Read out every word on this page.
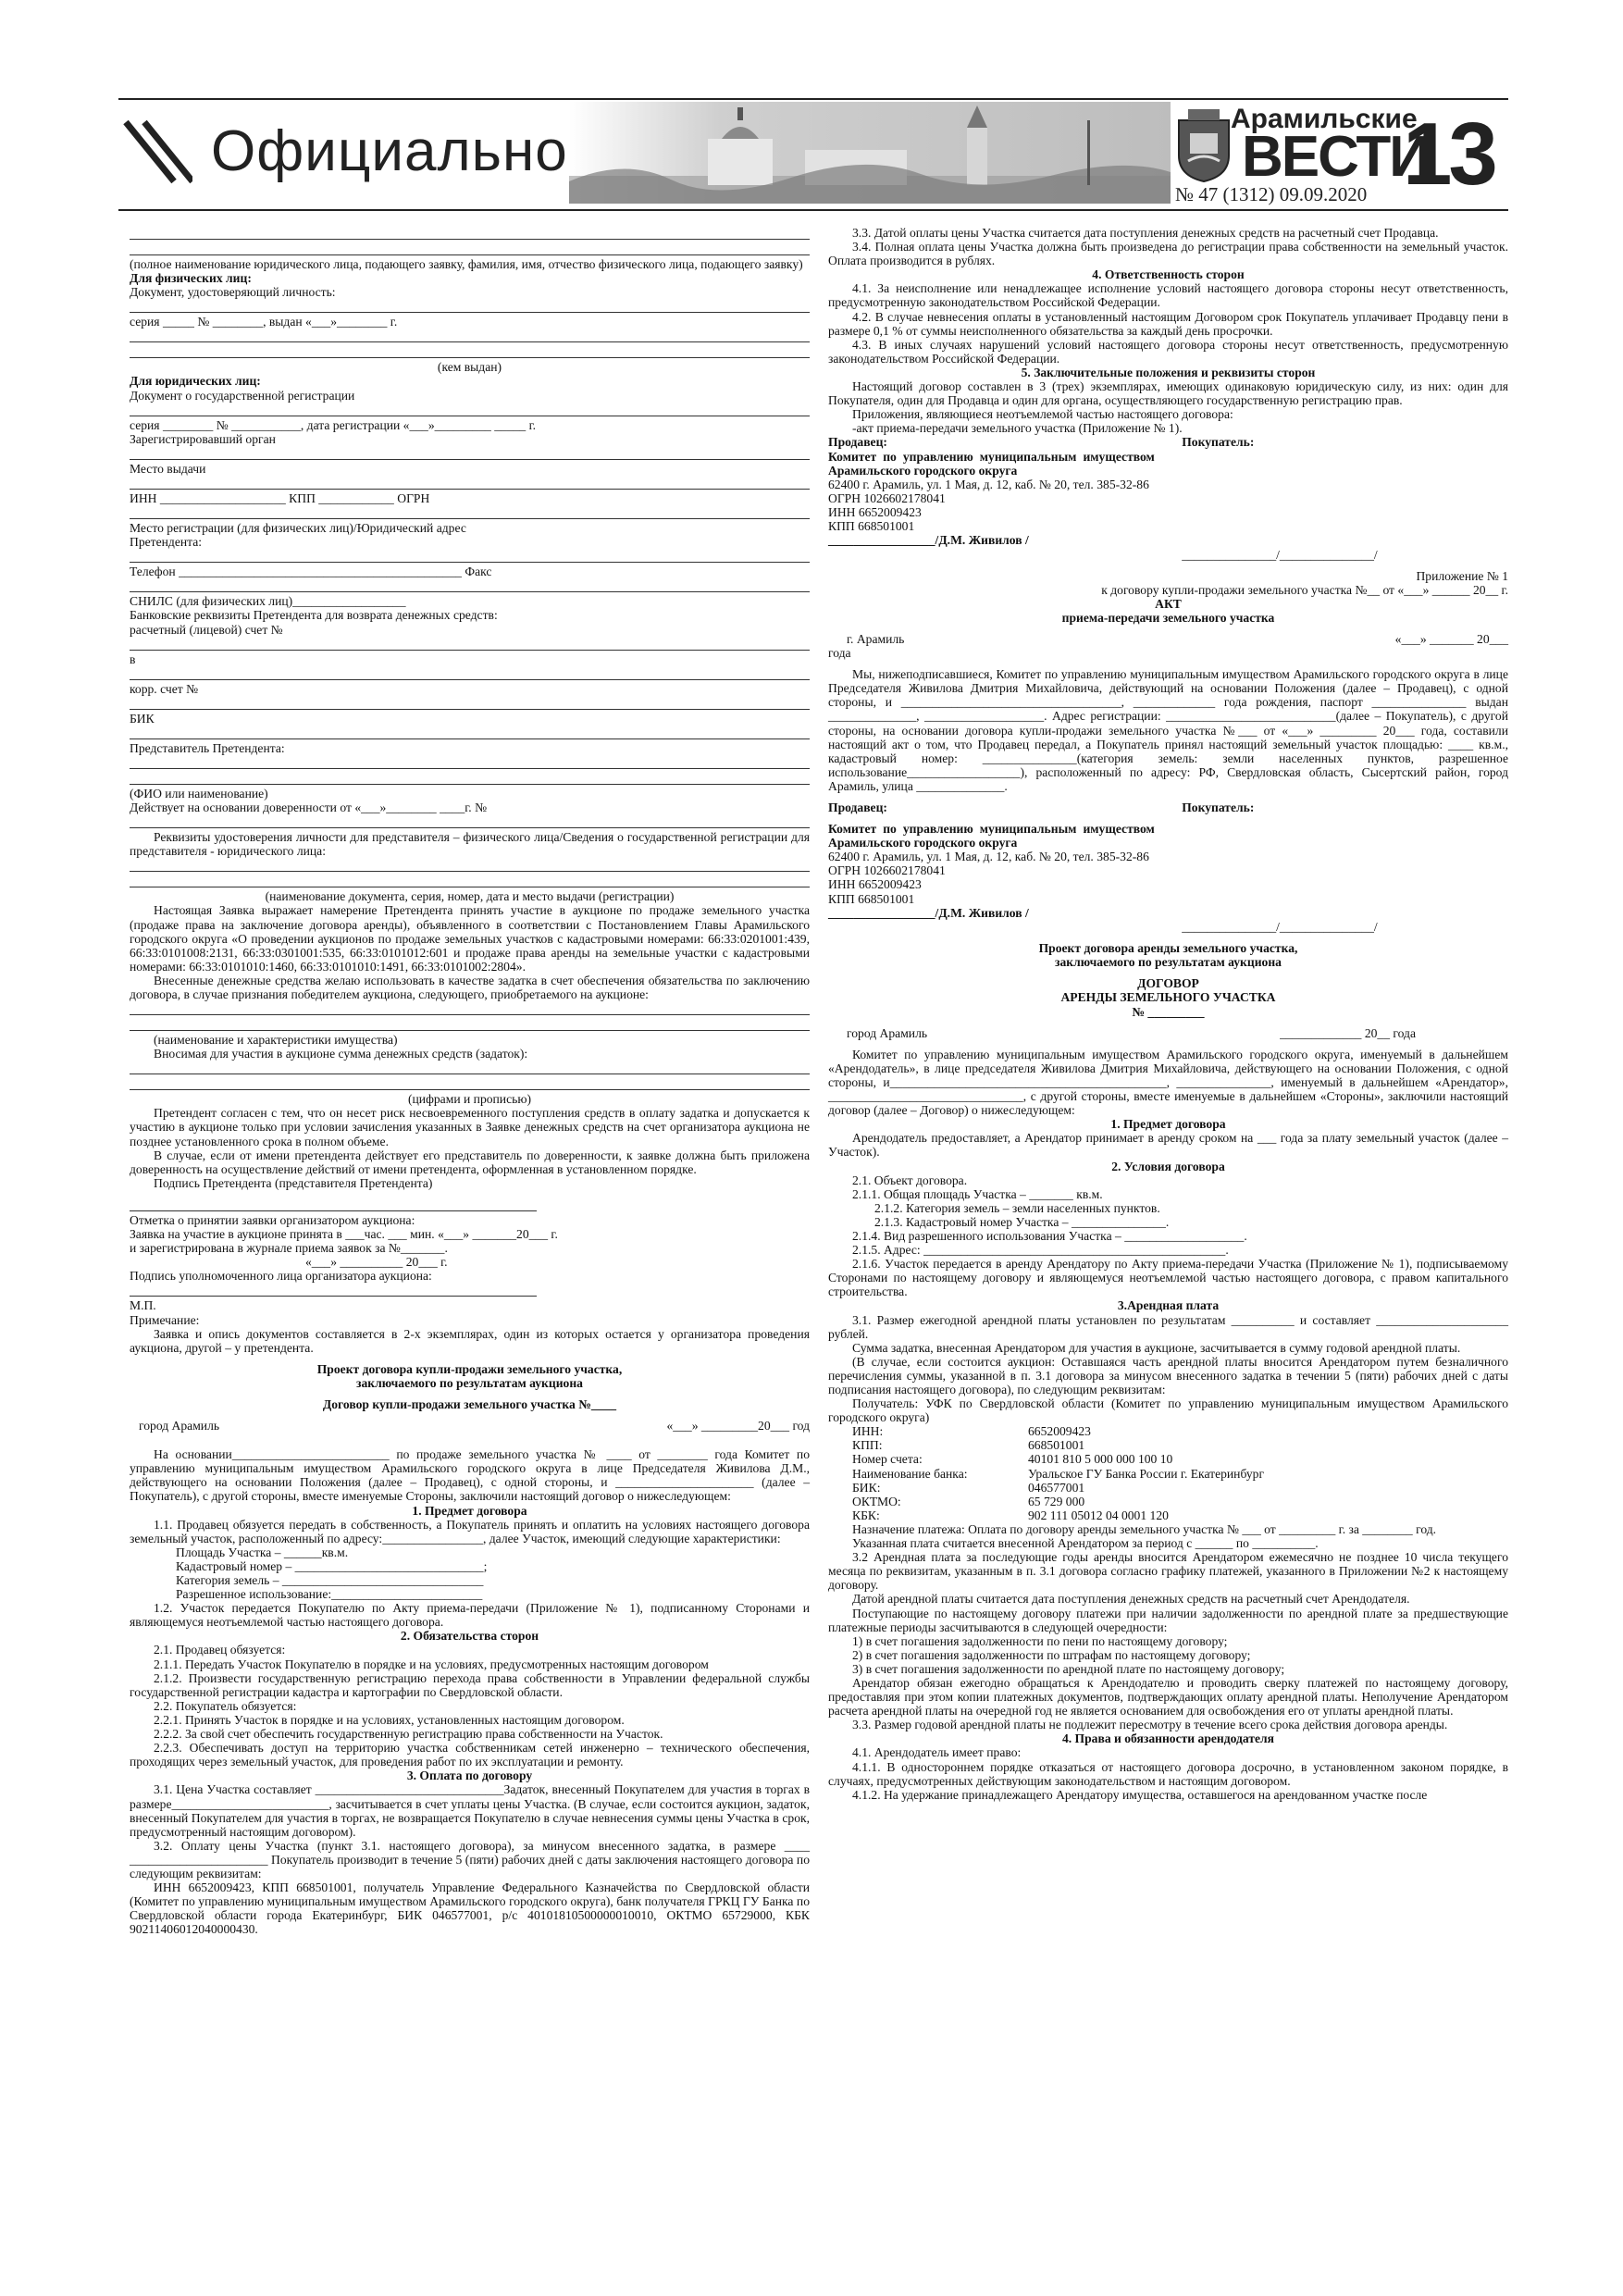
Официально
Арамильские
ВЕСТИ
13
№ 47 (1312) 09.09.2020

(полное наименование юридического лица, подающего заявку, фамилия, имя, отчество физического лица, подающего заявку)

Для физических лиц:

Документ, удостоверяющий личность:

серия _____ № ________, выдан «___»________ г.

(кем выдан)

Для юридических лиц:

Документ о государственной регистрации

серия ________ № ___________, дата регистрации «___»_________ _____ г.

Зарегистрировавший орган

Место выдачи

ИНН ____________________ КПП ____________ ОГРН

Место регистрации (для физических лиц)/Юридический адрес

Претендента:

Телефон _____________________________________________ Факс

СНИЛС (для физических лиц)__________________

Банковские реквизиты Претендента для возврата денежных средств:

расчетный (лицевой) счет №

в

корр. счет №

БИК

Представитель Претендента:

(ФИО или наименование)

Действует на основании доверенности от «___»________ ____г. №

Реквизиты удостоверения личности для представителя – физического лица/Сведения о государственной регистрации для представителя - юридического лица:

(наименование документа, серия, номер, дата и место выдачи (регистрации)

Настоящая Заявка выражает намерение Претендента принять участие в аукционе по продаже земельного участка (продаже права на заключение договора аренды), объявленного в соответствии с Постановлением Главы Арамильского городского округа «О проведении аукционов по продаже земельных участков с кадастровыми номерами: 66:33:0201001:439, 66:33:0101008:2131, 66:33:0301001:535, 66:33:0101012:601 и продаже права аренды на земельные участки с кадастровыми номерами: 66:33:0101010:1460, 66:33:0101010:1491, 66:33:0101002:2804».

Внесенные денежные средства желаю использовать в качестве задатка в счет обеспечения обязательства по заключению договора, в случае признания победителем аукциона, следующего, приобретаемого на аукционе:

(наименование и характеристики имущества)

Вносимая для участия в аукционе сумма денежных средств (задаток):

(цифрами и прописью)

Претендент согласен с тем, что он несет риск несвоевременного поступления средств в оплату задатка и допускается к участию в аукционе только при условии зачисления указанных в Заявке денежных средств на счет организатора аукциона не позднее установленного срока в полном объеме.

В случае, если от имени претендента действует его представитель по доверенности, к заявке должна быть приложена доверенность на осуществление действий от имени претендента, оформленная в установленном порядке.

Подпись Претендента (представителя Претендента)

Отметка о принятии заявки организатором аукциона:

Заявка на участие в аукционе принята в ___час. ___ мин. «___» _______20___ г.

и зарегистрирована в журнале приема заявок за №_______.

«___» __________ 20___ г.

Подпись уполномоченного лица организатора аукциона:

М.П.

Примечание:

Заявка и опись документов составляется в 2-х экземплярах, один из которых остается у организатора проведения аукциона, другой – у претендента.

Проект договора купли-продажи земельного участка,

заключаемого по результатам аукциона

Договор купли-продажи земельного участка №____

город Арамиль	«___» _________20___ год

На основании_________________________ по продаже земельного участка № ____ от ________ года Комитет по управлению муниципальным имуществом Арамильского городского округа в лице Председателя Живилова Д.М., действующего на основании Положения (далее – Продавец), с одной стороны, и ______________________ (далее – Покупатель), с другой стороны, вместе именуемые Стороны, заключили настоящий договор о нижеследующем:

1. Предмет договора

1.1. Продавец обязуется передать в собственность, а Покупатель принять и оплатить на условиях настоящего договора земельный участок, расположенный по адресу:________________, далее Участок, имеющий следующие характеристики:

Площадь Участка – ______кв.м.

Кадастровый номер – ______________________________;

Категория земель – ________________________________

Разрешенное использование:________________________

1.2. Участок передается Покупателю по Акту приема-передачи (Приложение № 1), подписанному Сторонами и являющемуся неотъемлемой частью настоящего договора.

2. Обязательства сторон

2.1. Продавец обязуется:

2.1.1. Передать Участок Покупателю в порядке и на условиях, предусмотренных настоящим договором

2.1.2. Произвести государственную регистрацию перехода права собственности в Управлении федеральной службы государственной регистрации кадастра и картографии по Свердловской области.

2.2. Покупатель обязуется:

2.2.1. Принять Участок в порядке и на условиях, установленных настоящим договором.

2.2.2. За свой счет обеспечить государственную регистрацию права собственности на Участок.

2.2.3. Обеспечивать доступ на территорию участка собственникам сетей инженерно – технического обеспечения, проходящих через земельный участок, для проведения работ по их эксплуатации и ремонту.

3. Оплата по договору

3.1. Цена Участка составляет ______________________________Задаток, внесенный Покупателем для участия в торгах в размере_________________________, засчитывается в счет уплаты цены Участка. (В случае, если состоится аукцион, задаток, внесенный Покупателем для участия в торгах, не возвращается Покупателю в случае невнесения суммы цены Участка в срок, предусмотренный настоящим договором).

3.2. Оплату цены Участка (пункт 3.1. настоящего договора), за минусом внесенного задатка, в размере ____ ______________________ Покупатель производит в течение 5 (пяти) рабочих дней с даты заключения настоящего договора по следующим реквизитам:

ИНН 6652009423, КПП 668501001, получатель Управление Федерального Казначейства по Свердловской области (Комитет по управлению муниципальным имуществом Арамильского городского округа), банк получателя ГРКЦ ГУ Банка по Свердловской области города Екатеринбург, БИК 046577001, р/с 40101810500000010010, ОКТМО 65729000, КБК 90211406012040000430.

3.3. Датой оплаты цены Участка считается дата поступления денежных средств на расчетный счет Продавца.

3.4. Полная оплата цены Участка должна быть произведена до регистрации права собственности на земельный участок. Оплата производится в рублях.

4. Ответственность сторон

4.1. За неисполнение или ненадлежащее исполнение условий настоящего договора стороны несут ответственность, предусмотренную законодательством Российской Федерации.

4.2. В случае невнесения оплаты в установленный настоящим Договором срок Покупатель уплачивает Продавцу пени в размере 0,1 % от суммы неисполненного обязательства за каждый день просрочки.

4.3. В иных случаях нарушений условий настоящего договора стороны несут ответственность, предусмотренную законодательством Российской Федерации.

5. Заключительные положения и реквизиты сторон

Настоящий договор составлен в 3 (трех) экземплярах, имеющих одинаковую юридическую силу, из них: один для Покупателя, один для Продавца и один для органа, осуществляющего государственную регистрацию прав.

Приложения, являющиеся неотъемлемой частью настоящего договора:

-акт приема-передачи земельного участка (Приложение № 1).

Продавец:

Комитет по управлению муниципальным имуществом Арамильского городского округа

62400 г. Арамиль, ул. 1 Мая, д. 12, каб. № 20, тел. 385-32-86

ОГРН 1026602178041

ИНН 6652009423

КПП 668501001

_________________/Д.М. Живилов /

Покупатель:

_______________/_______________/

Приложение № 1

к договору купли-продажи земельного участка №__ от «___» ______ 20__ г.

АКТ

приема-передачи земельного участка

г. Арамиль	«___» _______ 20___

года

Мы, нижеподписавшиеся, Комитет по управлению муниципальным имуществом Арамильского городского округа в лице Председателя Живилова Дмитрия Михайловича, действующий на основании Положения (далее – Продавец), с одной стороны, и ___________________________________, _____________ года рождения, паспорт _______________ выдан ______________, ___________________. Адрес регистрации: ___________________________(далее – Покупатель), с другой стороны, на основании договора купли-продажи земельного участка №___ от «___» _________ 20___ года, составили настоящий акт о том, что Продавец передал, а Покупатель принял настоящий земельный участок площадью: ____ кв.м., кадастровый номер: _______________(категория земель: земли населенных пунктов, разрешенное использование__________________), расположенный по адресу: РФ, Свердловская область, Сысертский район, город Арамиль, улица ______________.

Продавец:

Комитет по управлению муниципальным имуществом Арамильского городского округа

62400 г. Арамиль, ул. 1 Мая, д. 12, каб. № 20, тел. 385-32-86

ОГРН 1026602178041

ИНН 6652009423

КПП 668501001

_________________/Д.М. Живилов /

Покупатель:

_______________/_______________/

Проект договора аренды земельного участка,

заключаемого по результатам аукциона

ДОГОВОР

АРЕНДЫ ЗЕМЕЛЬНОГО УЧАСТКА

№ _________

город Арамиль	_____________ 20__ года

Комитет по управлению муниципальным имуществом Арамильского городского округа, именуемый в дальнейшем «Арендодатель», в лице председателя Живилова Дмитрия Михайловича, действующего на основании Положения, с одной стороны, и____________________________________________, _______________, именуемый в дальнейшем «Арендатор», _______________________________, с другой стороны, вместе именуемые в дальнейшем «Стороны», заключили настоящий договор (далее – Договор) о нижеследующем:

1. Предмет договора

Арендодатель предоставляет, а Арендатор принимает в аренду сроком на ___ года за плату земельный участок (далее – Участок).

2. Условия договора

2.1. Объект договора.

2.1.1. Общая площадь Участка – _______ кв.м.

2.1.2. Категория земель – земли населенных пунктов.

2.1.3. Кадастровый номер Участка – _______________.

2.1.4. Вид разрешенного использования Участка – ___________________.

2.1.5. Адрес: ________________________________________________.

2.1.6. Участок передается в аренду Арендатору по Акту приема-передачи Участка (Приложение № 1), подписываемому Сторонами по настоящему договору и являющемуся неотъемлемой частью настоящего договора, с правом капитального строительства.

3.Арендная плата

3.1. Размер ежегодной арендной платы установлен по результатам __________ и составляет _____________________ рублей.

Сумма задатка, внесенная Арендатором для участия в аукционе, засчитывается в сумму годовой арендной платы.

(В случае, если состоится аукцион: Оставшаяся часть арендной платы вносится Арендатором путем безналичного перечисления суммы, указанной в п. 3.1 договора за минусом внесенного задатка в течении 5 (пяти) рабочих дней с даты подписания настоящего договора), по следующим реквизитам:

Получатель: УФК по Свердловской области (Комитет по управлению муниципальным имуществом Арамильского городского округа)

ИНН:	6652009423
КПП:	668501001
Номер счета:	40101 810 5 000 000 100 10
Наименование банка:	Уральское ГУ Банка России г. Екатеринбург
БИК:	046577001
ОКТМО:	65 729 000
КБК:	902 111 05012 04 0001 120

Назначение платежа: Оплата по договору аренды земельного участка № ___ от _________ г. за ________ год.

Указанная плата считается внесенной Арендатором за период с ______ по __________.

3.2 Арендная плата за последующие годы аренды вносится Арендатором ежемесячно не позднее 10 числа текущего месяца по реквизитам, указанным в п. 3.1 договора согласно графику платежей, указанного в Приложении №2 к настоящему договору.

Датой арендной платы считается дата поступления денежных средств на расчетный счет Арендодателя.

Поступающие по настоящему договору платежи при наличии задолженности по арендной плате за предшествующие платежные периоды засчитываются в следующей очередности:

1) в счет погашения задолженности по пени по настоящему договору;

2) в счет погашения задолженности по штрафам по настоящему договору;

3) в счет погашения задолженности по арендной плате по настоящему договору;

Арендатор обязан ежегодно обращаться к Арендодателю и проводить сверку платежей по настоящему договору, предоставляя при этом копии платежных документов, подтверждающих оплату арендной платы. Неполучение Арендатором расчета арендной платы на очередной год не является основанием для освобождения его от уплаты арендной платы.

3.3. Размер годовой арендной платы не подлежит пересмотру в течение всего срока действия договора аренды.

4. Права и обязанности арендодателя

4.1. Арендодатель имеет право:

4.1.1. В одностороннем порядке отказаться от настоящего договора досрочно, в установленном законом порядке, в случаях, предусмотренных действующим законодательством и настоящим договором.

4.1.2. На удержание принадлежащего Арендатору имущества, оставшегося на арендованном участке после
